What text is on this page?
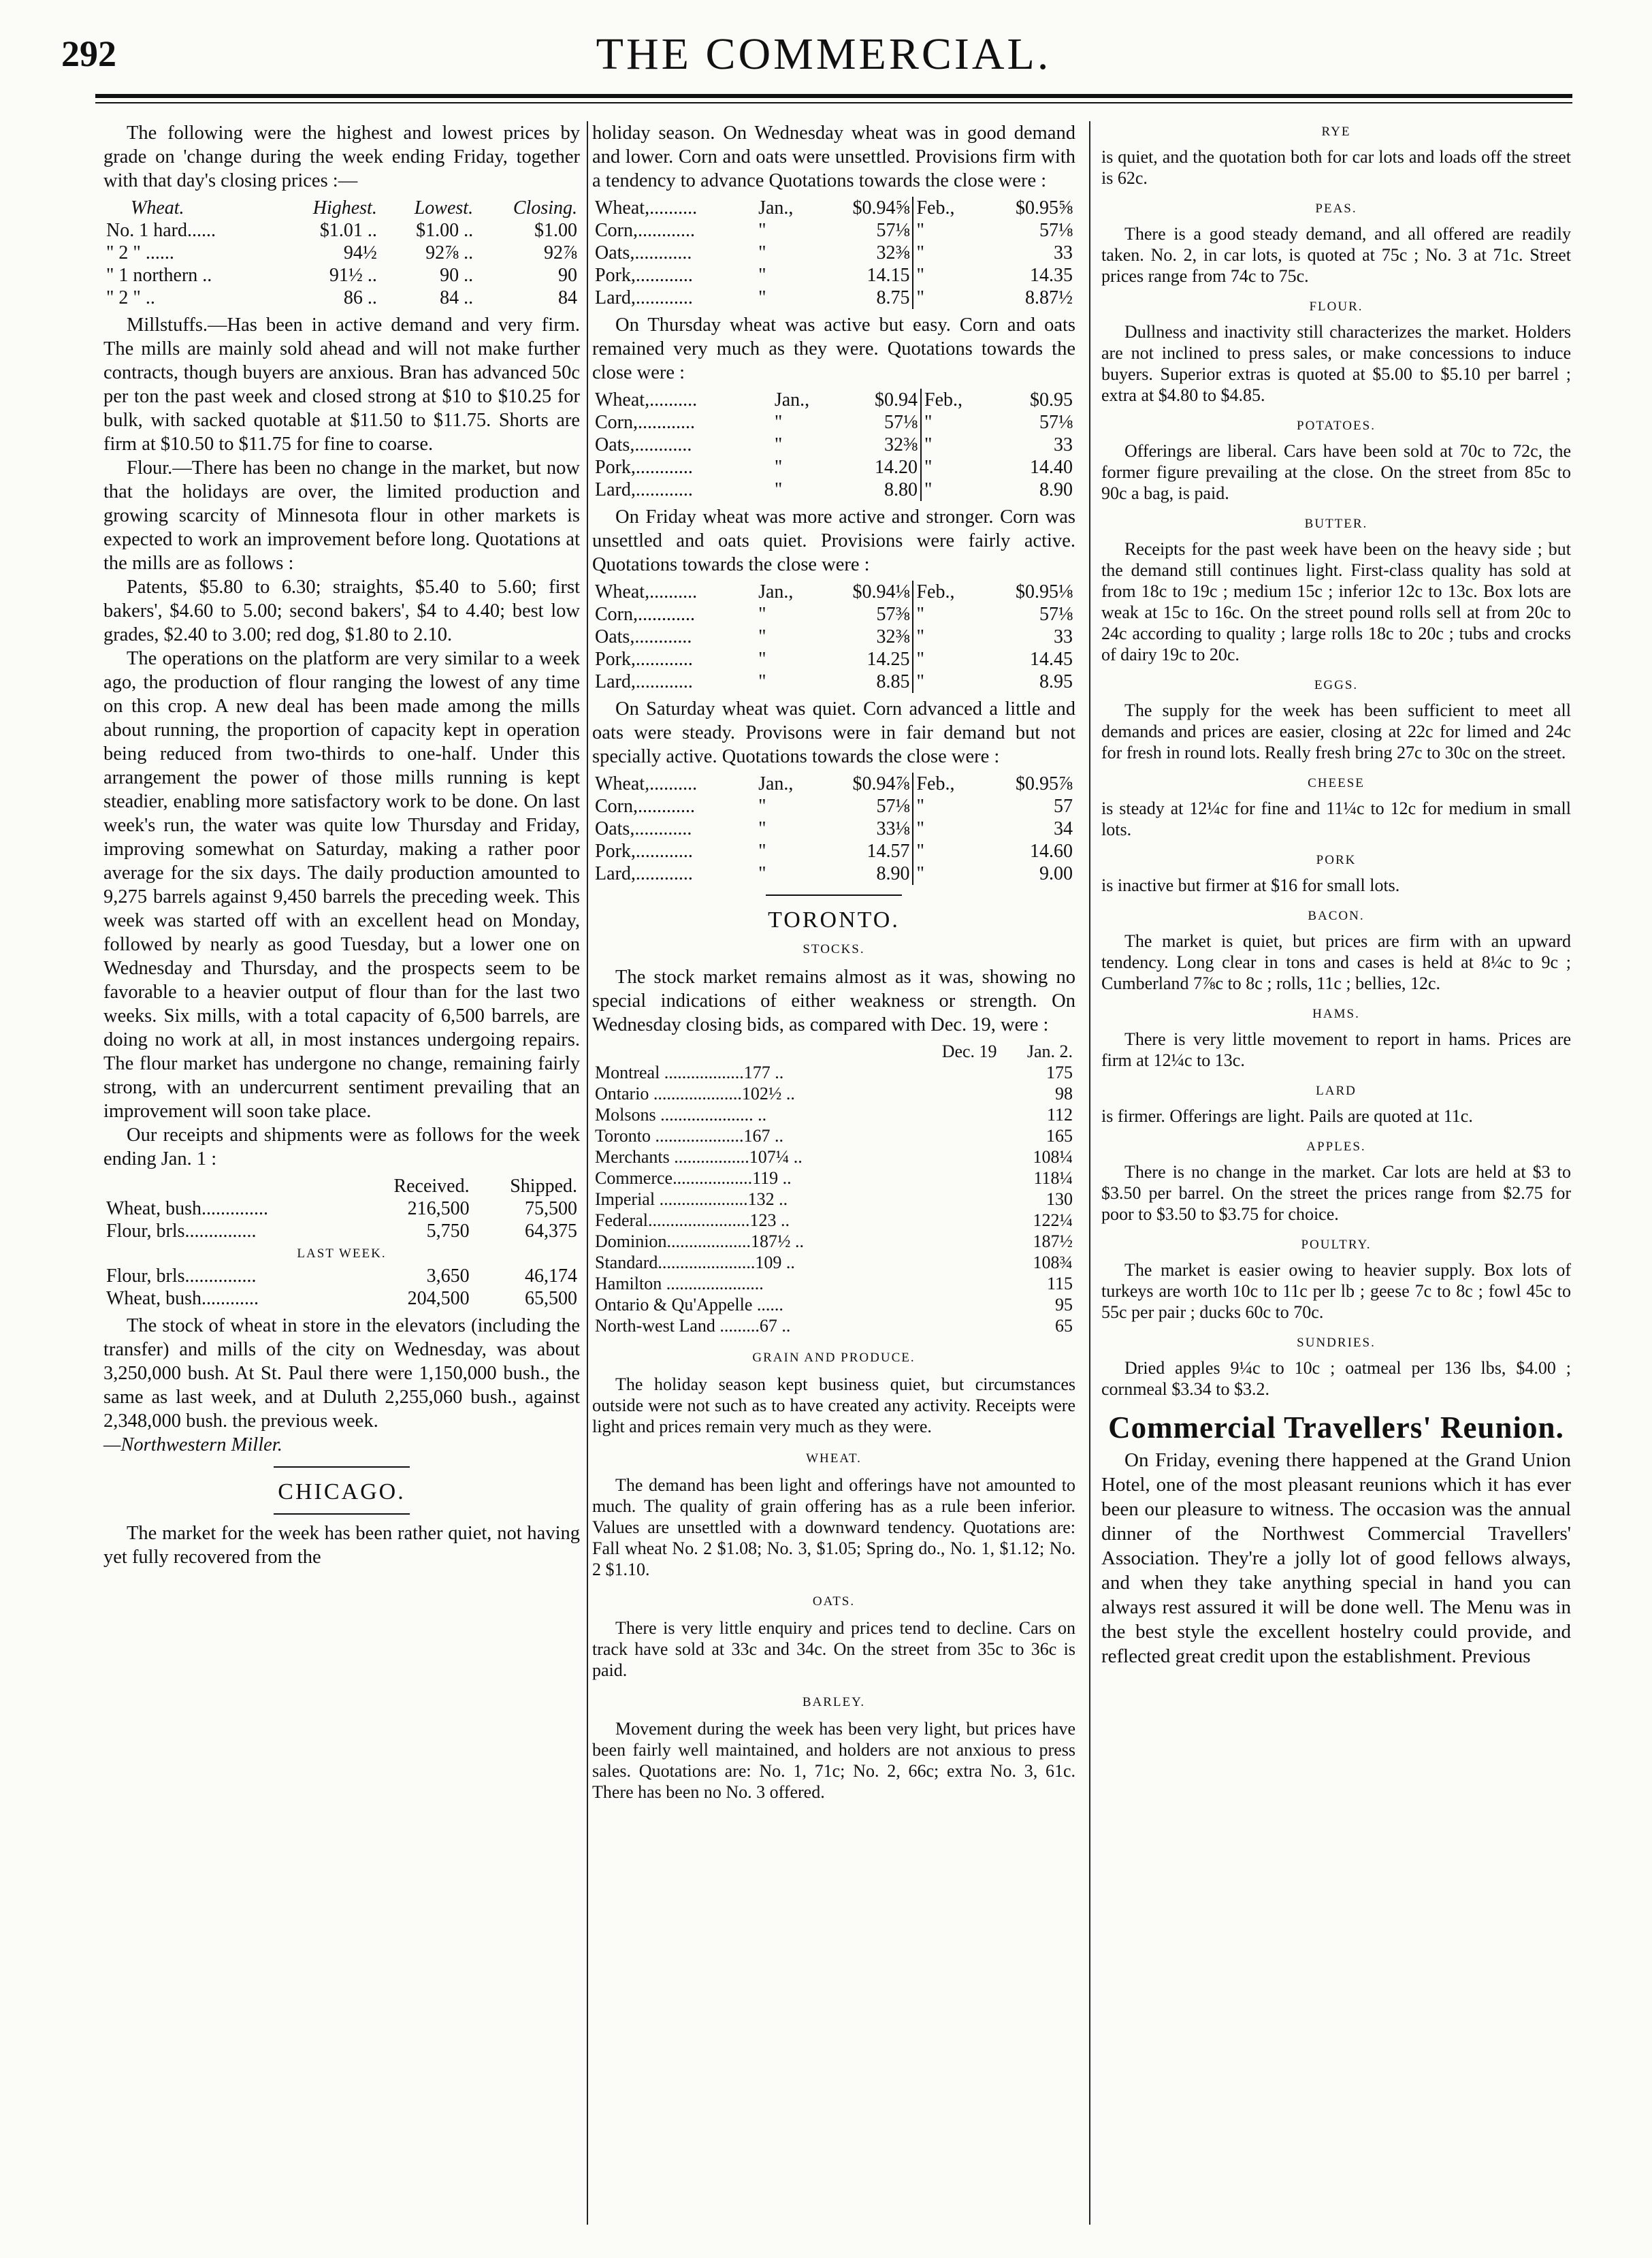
292	THE COMMERCIAL.

The following were the highest and lowest prices by grade on 'change during the week ending Friday, together with that day's closing prices :—

Wheat.	Highest.	Lowest.	Closing.
No. 1 hard......	$1.01 ..	$1.00 ..	$1.00
" 2 " ......	94½	92⅞ ..	92⅞
" 1 northern ..	91½ ..	90 ..	90
" 2 " ..	86 ..	84 ..	84

Millstuffs.—Has been in active demand and very firm. The mills are mainly sold ahead and will not make further contracts, though buyers are anxious. Bran has advanced 50c per ton the past week and closed strong at $10 to $10.25 for bulk, with sacked quotable at $11.50 to $11.75. Shorts are firm at $10.50 to $11.75 for fine to coarse.

Flour.—There has been no change in the market, but now that the holidays are over, the limited production and growing scarcity of Minnesota flour in other markets is expected to work an improvement before long. Quotations at the mills are as follows :

Patents, $5.80 to 6.30; straights, $5.40 to 5.60; first bakers', $4.60 to 5.00; second bakers', $4 to 4.40; best low grades, $2.40 to 3.00; red dog, $1.80 to 2.10.

The operations on the platform are very similar to a week ago, the production of flour ranging the lowest of any time on this crop. A new deal has been made among the mills about running, the proportion of capacity kept in operation being reduced from two-thirds to one-half. Under this arrangement the power of those mills running is kept steadier, enabling more satisfactory work to be done. On last week's run, the water was quite low Thursday and Friday, improving somewhat on Saturday, making a rather poor average for the six days. The daily production amounted to 9,275 barrels against 9,450 barrels the preceding week. This week was started off with an excellent head on Monday, followed by nearly as good Tuesday, but a lower one on Wednesday and Thursday, and the prospects seem to be favorable to a heavier output of flour than for the last two weeks. Six mills, with a total capacity of 6,500 barrels, are doing no work at all, in most instances undergoing repairs. The flour market has undergone no change, remaining fairly strong, with an undercurrent sentiment prevailing that an improvement will soon take place.

Our receipts and shipments were as follows for the week ending Jan. 1 :

	Received.	Shipped.
Wheat, bush..............	216,500	75,500
Flour, brls...............	5,750	64,375
LAST WEEK.		
Flour, brls...............	3,650	46,174
Wheat, bush............	204,500	65,500

The stock of wheat in store in the elevators (including the transfer) and mills of the city on Wednesday, was about 3,250,000 bush. At St. Paul there were 1,150,000 bush., the same as last week, and at Duluth 2,255,060 bush., against 2,348,000 bush. the previous week.

—Northwestern Miller.

CHICAGO.

The market for the week has been rather quiet, not having yet fully recovered from the

holiday season. On Wednesday wheat was in good demand and lower. Corn and oats were unsettled. Provisions firm with a tendency to advance Quotations towards the close were :

Wheat,..........	Jan.,	$0.94⅝	Feb.,	$0.95⅝
Corn,............	"	57⅛	"	57⅛
Oats,............	"	32⅜	"	33
Pork,............	"	14.15	"	14.35
Lard,............	"	8.75	"	8.87½

On Thursday wheat was active but easy. Corn and oats remained very much as they were. Quotations towards the close were :

Wheat,..........	Jan.,	$0.94	Feb.,	$0.95
Corn,............	"	57⅛	"	57⅛
Oats,............	"	32⅜	"	33
Pork,............	"	14.20	"	14.40
Lard,............	"	8.80	"	8.90

On Friday wheat was more active and stronger. Corn was unsettled and oats quiet. Provisions were fairly active. Quotations towards the close were :

Wheat,..........	Jan.,	$0.94⅛	Feb.,	$0.95⅛
Corn,............	"	57⅜	"	57⅛
Oats,............	"	32⅜	"	33
Pork,............	"	14.25	"	14.45
Lard,............	"	8.85	"	8.95

On Saturday wheat was quiet. Corn advanced a little and oats were steady. Provisons were in fair demand but not specially active. Quotations towards the close were :

Wheat,..........	Jan.,	$0.94⅞	Feb.,	$0.95⅞
Corn,............	"	57⅛	"	57
Oats,............	"	33⅛	"	34
Pork,............	"	14.57	"	14.60
Lard,............	"	8.90	"	9.00
TORONTO.
STOCKS.

The stock market remains almost as it was, showing no special indications of either weakness or strength. On Wednesday closing bids, as compared with Dec. 19, were :

	Dec. 19	Jan. 2.
Montreal ..................177 ..		175
Ontario ....................102½ ..		98
Molsons ..................... ..		112
Toronto ....................167 ..		165
Merchants .................107¼ ..		108¼
Commerce..................119 ..		118¼
Imperial ....................132 ..		130
Federal.......................123 ..		122¼
Dominion...................187½ ..		187½
Standard......................109 ..		108¾
Hamilton ......................		115
Ontario & Qu'Appelle ......		95
North-west Land .........67 ..		65
GRAIN AND PRODUCE.

The holiday season kept business quiet, but circumstances outside were not such as to have created any activity. Receipts were light and prices remain very much as they were.

WHEAT.

The demand has been light and offerings have not amounted to much. The quality of grain offering has as a rule been inferior. Values are unsettled with a downward tendency. Quotations are: Fall wheat No. 2 $1.08; No. 3, $1.05; Spring do., No. 1, $1.12; No. 2 $1.10.

OATS.

There is very little enquiry and prices tend to decline. Cars on track have sold at 33c and 34c. On the street from 35c to 36c is paid.

BARLEY.

Movement during the week has been very light, but prices have been fairly well maintained, and holders are not anxious to press sales. Quotations are: No. 1, 71c; No. 2, 66c; extra No. 3, 61c. There has been no No. 3 offered.

RYE

is quiet, and the quotation both for car lots and loads off the street is 62c.

PEAS.

There is a good steady demand, and all offered are readily taken. No. 2, in car lots, is quoted at 75c ; No. 3 at 71c. Street prices range from 74c to 75c.

FLOUR.

Dullness and inactivity still characterizes the market. Holders are not inclined to press sales, or make concessions to induce buyers. Superior extras is quoted at $5.00 to $5.10 per barrel ; extra at $4.80 to $4.85.

POTATOES.

Offerings are liberal. Cars have been sold at 70c to 72c, the former figure prevailing at the close. On the street from 85c to 90c a bag, is paid.

BUTTER.

Receipts for the past week have been on the heavy side ; but the demand still continues light. First-class quality has sold at from 18c to 19c ; medium 15c ; inferior 12c to 13c. Box lots are weak at 15c to 16c. On the street pound rolls sell at from 20c to 24c according to quality ; large rolls 18c to 20c ; tubs and crocks of dairy 19c to 20c.

EGGS.

The supply for the week has been sufficient to meet all demands and prices are easier, closing at 22c for limed and 24c for fresh in round lots. Really fresh bring 27c to 30c on the street.

CHEESE

is steady at 12¼c for fine and 11¼c to 12c for medium in small lots.

PORK

is inactive but firmer at $16 for small lots.

BACON.

The market is quiet, but prices are firm with an upward tendency. Long clear in tons and cases is held at 8¼c to 9c ; Cumberland 7⅞c to 8c ; rolls, 11c ; bellies, 12c.

HAMS.

There is very little movement to report in hams. Prices are firm at 12¼c to 13c.

LARD

is firmer. Offerings are light. Pails are quoted at 11c.

APPLES.

There is no change in the market. Car lots are held at $3 to $3.50 per barrel. On the street the prices range from $2.75 for poor to $3.50 to $3.75 for choice.

POULTRY.

The market is easier owing to heavier supply. Box lots of turkeys are worth 10c to 11c per lb ; geese 7c to 8c ; fowl 45c to 55c per pair ; ducks 60c to 70c.

SUNDRIES.

Dried apples 9¼c to 10c ; oatmeal per 136 lbs, $4.00 ; cornmeal $3.34 to $3.2.

Commercial Travellers' Reunion.

On Friday, evening there happened at the Grand Union Hotel, one of the most pleasant reunions which it has ever been our pleasure to witness. The occasion was the annual dinner of the Northwest Commercial Travellers' Association. They're a jolly lot of good fellows always, and when they take anything special in hand you can always rest assured it will be done well. The Menu was in the best style the excellent hostelry could provide, and reflected great credit upon the establishment. Previous
